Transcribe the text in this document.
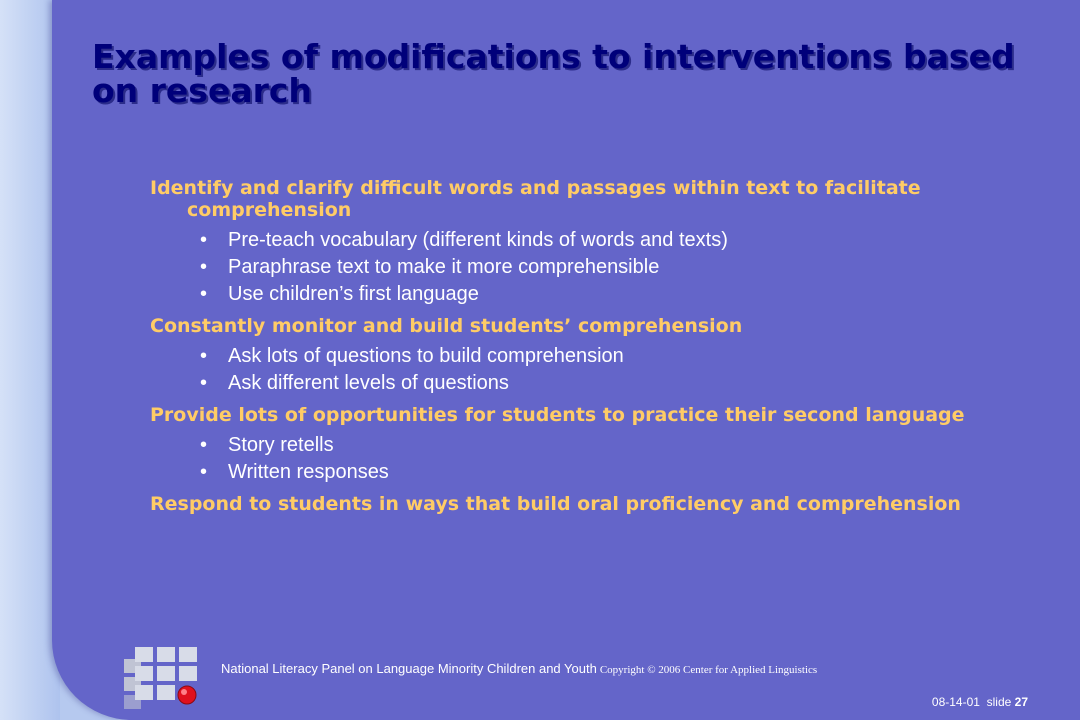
Examples of modifications to interventions based on research

Identify and clarify difficult words and passages within text to facilitate comprehension

• Pre-teach vocabulary (different kinds of words and texts)
• Paraphrase text to make it more comprehensible
• Use children’s first language

Constantly monitor and build students’ comprehension

• Ask lots of questions to build comprehension
• Ask different levels of questions

Provide lots of opportunities for students to practice their second language

• Story retells
• Written responses

Respond to students in ways that build oral proficiency and comprehension

National Literacy Panel on Language Minority Children and Youth Copyright © 2006 Center for Applied Linguistics
08-14-01 slide 27
